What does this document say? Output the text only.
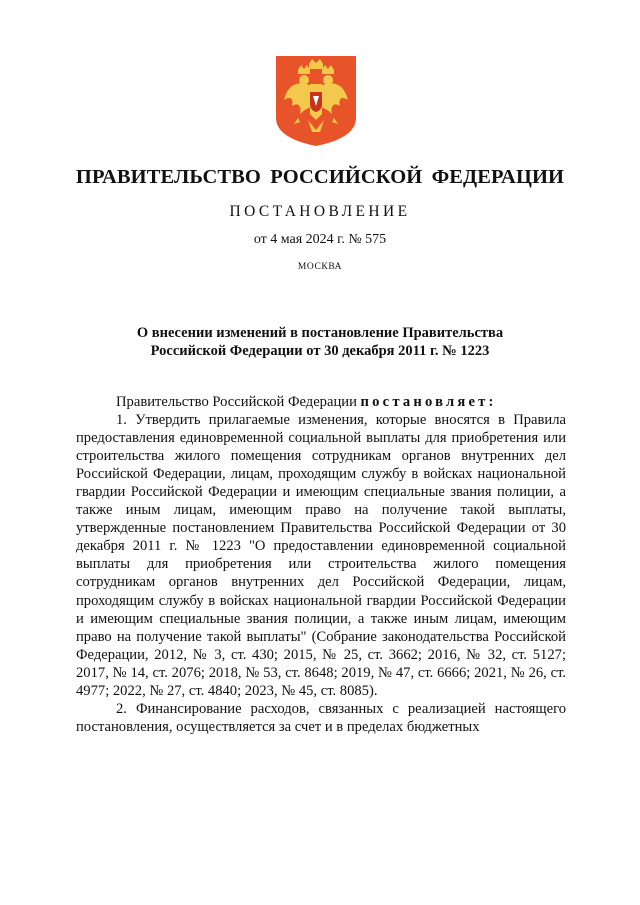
ПРАВИТЕЛЬСТВО РОССИЙСКОЙ ФЕДЕРАЦИИ
ПОСТАНОВЛЕНИЕ
от 4 мая 2024 г. № 575
МОСКВА
О внесении изменений в постановление Правительства
Российской Федерации от 30 декабря 2011 г. № 1223

Правительство Российской Федерации постановляет:

1. Утвердить прилагаемые изменения, которые вносятся в Правила предоставления единовременной социальной выплаты для приобретения или строительства жилого помещения сотрудникам органов внутренних дел Российской Федерации, лицам, проходящим службу в войсках национальной гвардии Российской Федерации и имеющим специальные звания полиции, а также иным лицам, имеющим право на получение такой выплаты, утвержденные постановлением Правительства Российской Федерации от 30 декабря 2011 г. № 1223 "О предоставлении единовременной социальной выплаты для приобретения или строительства жилого помещения сотрудникам органов внутренних дел Российской Федерации, лицам, проходящим службу в войсках национальной гвардии Российской Федерации и имеющим специальные звания полиции, а также иным лицам, имеющим право на получение такой выплаты" (Собрание законодательства Российской Федерации, 2012, № 3, ст. 430; 2015, № 25, ст. 3662; 2016, № 32, ст. 5127; 2017, № 14, ст. 2076; 2018, № 53, ст. 8648; 2019, № 47, ст. 6666; 2021, № 26, ст. 4977; 2022, № 27, ст. 4840; 2023, № 45, ст. 8085).

2. Финансирование расходов, связанных с реализацией настоящего постановления, осуществляется за счет и в пределах бюджетных
